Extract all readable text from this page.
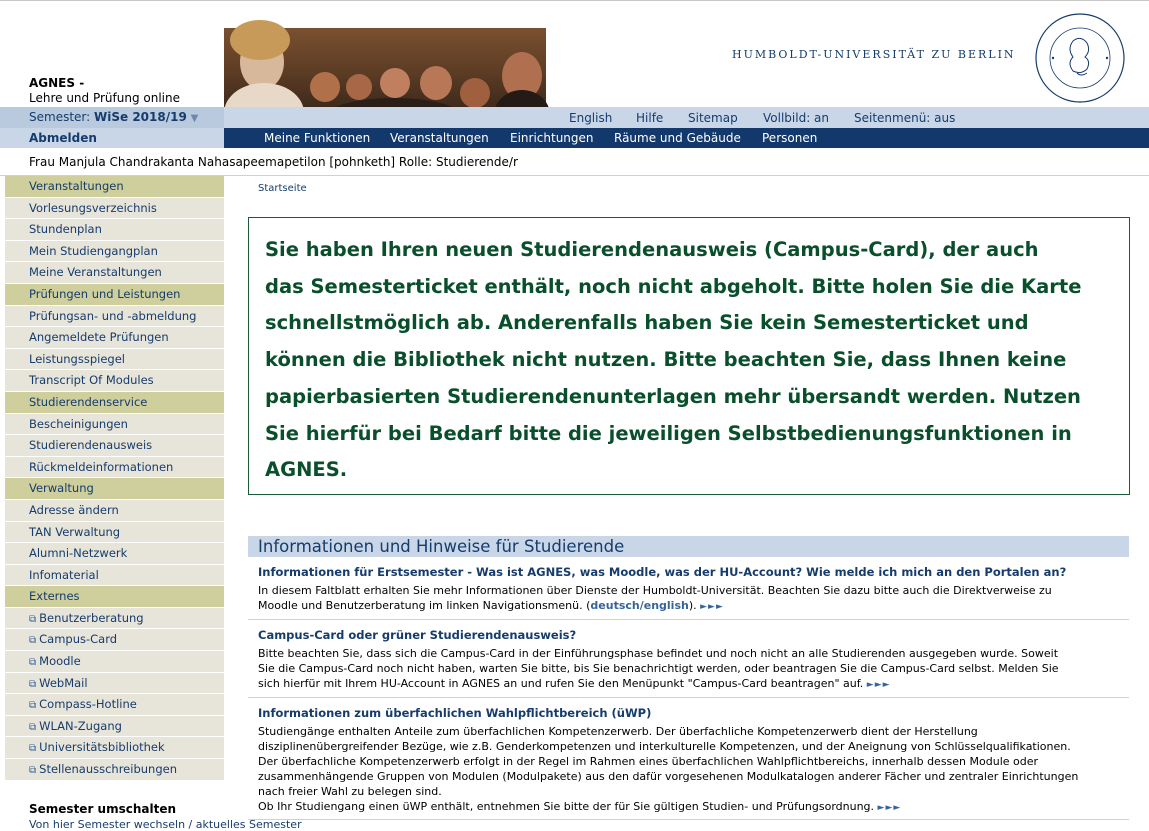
AGNES -
Lehre und Prüfung online
HUMBOLDT-UNIVERSITÄT ZU BERLIN
Semester: WiSe 2018/19 ▼	English Hilfe Sitemap Vollbild: an Seitenmenü: aus
Abmelden	Meine Funktionen Veranstaltungen Einrichtungen Räume und Gebäude Personen
Frau Manjula Chandrakanta Nahasapeemapetilon [pohnketh] Rolle: Studierende/r
Veranstaltungen
Vorlesungsverzeichnis
Stundenplan
Mein Studiengangplan
Meine Veranstaltungen
Prüfungen und Leistungen
Prüfungsan- und -abmeldung
Angemeldete Prüfungen
Leistungsspiegel
Transcript Of Modules
Studierendenservice
Bescheinigungen
Studierendenausweis
Rückmeldeinformationen
Verwaltung
Adresse ändern
TAN Verwaltung
Alumni-Netzwerk
Infomaterial
Externes
⧉ Benutzerberatung
⧉ Campus-Card
⧉ Moodle
⧉ WebMail
⧉ Compass-Hotline
⧉ WLAN-Zugang
⧉ Universitätsbibliothek
⧉ Stellenausschreibungen
Semester umschalten
Von hier Semester wechseln / aktuelles Semester
Startseite
Sie haben Ihren neuen Studierendenausweis (Campus-Card), der auch
das Semesterticket enthält, noch nicht abgeholt. Bitte holen Sie die Karte
schnellstmöglich ab. Anderenfalls haben Sie kein Semesterticket und
können die Bibliothek nicht nutzen. Bitte beachten Sie, dass Ihnen keine
papierbasierten Studierendenunterlagen mehr übersandt werden. Nutzen
Sie hierfür bei Bedarf bitte die jeweiligen Selbstbedienungsfunktionen in
AGNES.
Informationen und Hinweise für Studierende
Informationen für Erstsemester - Was ist AGNES, was Moodle, was der HU-Account? Wie melde ich mich an den Portalen an?
In diesem Faltblatt erhalten Sie mehr Informationen über Dienste der Humboldt-Universität. Beachten Sie dazu bitte auch die Direktverweise zu
Moodle und Benutzerberatung im linken Navigationsmenü. (deutsch/english). ►►►
Campus-Card oder grüner Studierendenausweis?
Bitte beachten Sie, dass sich die Campus-Card in der Einführungsphase befindet und noch nicht an alle Studierenden ausgegeben wurde. Soweit
Sie die Campus-Card noch nicht haben, warten Sie bitte, bis Sie benachrichtigt werden, oder beantragen Sie die Campus-Card selbst. Melden Sie
sich hierfür mit Ihrem HU-Account in AGNES an und rufen Sie den Menüpunkt "Campus-Card beantragen" auf. ►►►
Informationen zum überfachlichen Wahlpflichtbereich (üWP)
Studiengänge enthalten Anteile zum überfachlichen Kompetenzerwerb. Der überfachliche Kompetenzerwerb dient der Herstellung
disziplinenübergreifender Bezüge, wie z.B. Genderkompetenzen und interkulturelle Kompetenzen, und der Aneignung von Schlüsselqualifikationen.
Der überfachliche Kompetenzerwerb erfolgt in der Regel im Rahmen eines überfachlichen Wahlpflichtbereichs, innerhalb dessen Module oder
zusammenhängende Gruppen von Modulen (Modulpakete) aus den dafür vorgesehenen Modulkatalogen anderer Fächer und zentraler Einrichtungen
nach freier Wahl zu belegen sind.
Ob Ihr Studiengang einen üWP enthält, entnehmen Sie bitte der für Sie gültigen Studien- und Prüfungsordnung. ►►►
